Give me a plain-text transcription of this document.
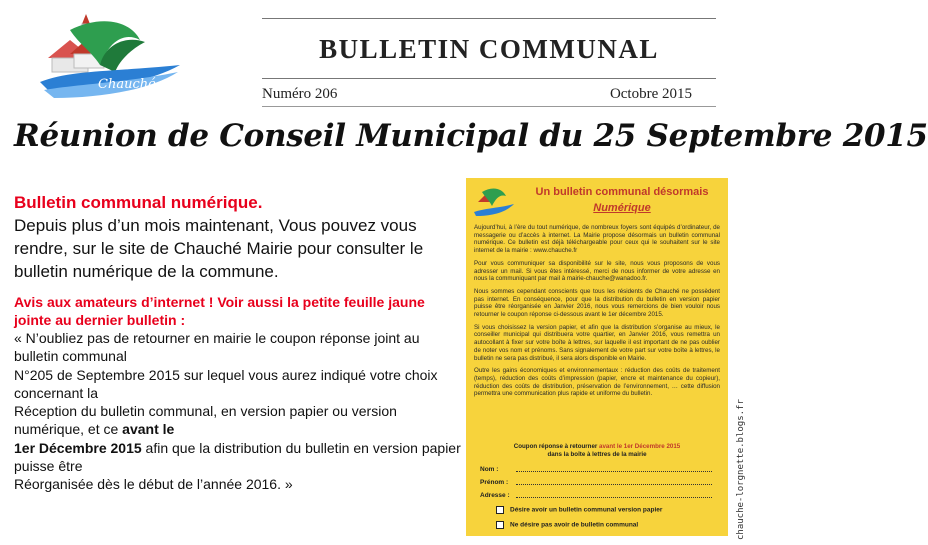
Chauché
BULLETIN COMMUNAL
Numéro 206	Octobre 2015
Réunion de Conseil Municipal du 25 Septembre 2015
Bulletin communal numérique.
Depuis plus d’un mois maintenant, Vous pouvez vous rendre, sur le site de Chauché Mairie pour consulter le bulletin numérique de la commune.
Avis aux amateurs d’internet ! Voir aussi la petite feuille jaune jointe au dernier bulletin :
« N’oubliez pas de retourner en mairie le coupon réponse joint au bulletin communal
N°205 de Septembre 2015 sur lequel vous aurez indiqué votre choix concernant la
Réception du bulletin communal, en version papier ou version numérique, et ce avant le
1er Décembre 2015 afin que la distribution du bulletin en version papier puisse être
Réorganisée dès le début de l’année 2016. »
Un bulletin communal désormais
Numérique

Aujourd’hui, à l’ère du tout numérique, de nombreux foyers sont équipés d’ordinateur, de messagerie ou d’accès à internet. La Mairie propose désormais un bulletin communal numérique. Ce bulletin est déjà téléchargeable pour ceux qui le souhaitent sur le site internet de la mairie : www.chauche.fr

Pour vous communiquer sa disponibilité sur le site, nous vous proposons de vous adresser un mail. Si vous êtes intéressé, merci de nous informer de votre adresse en nous la communiquant par mail à mairie-chauche@wanadoo.fr.

Nous sommes cependant conscients que tous les résidents de Chauché ne possèdent pas internet. En conséquence, pour que la distribution du bulletin en version papier puisse être réorganisée en Janvier 2016, nous vous remercions de bien vouloir nous retourner le coupon réponse ci-dessous avant le 1er décembre 2015.

Si vous choisissez la version papier, et afin que la distribution s’organise au mieux, le conseiller municipal qui distribuera votre quartier, en Janvier 2016, vous remettra un autocollant à fixer sur votre boîte à lettres, sur laquelle il est important de ne pas oublier de noter vos nom et prénoms. Sans signalement de votre part sur votre boîte à lettres, le bulletin ne sera pas distribué, il sera alors disponible en Mairie.

Outre les gains économiques et environnementaux : réduction des coûts de traitement (temps), réduction des coûts d’impression (papier, encre et maintenance du copieur), réduction des coûts de distribution, préservation de l’environnement, … cette diffusion permettra une communication plus rapide et uniforme du bulletin.

Coupon réponse à retourner avant le 1er Décembre 2015
dans la boîte à lettres de la mairie
Nom :
Prénom :
Adresse :
Désire avoir un bulletin communal version papier
Ne désire pas avoir de bulletin communal	chauche-lorgnette.blogs.fr
